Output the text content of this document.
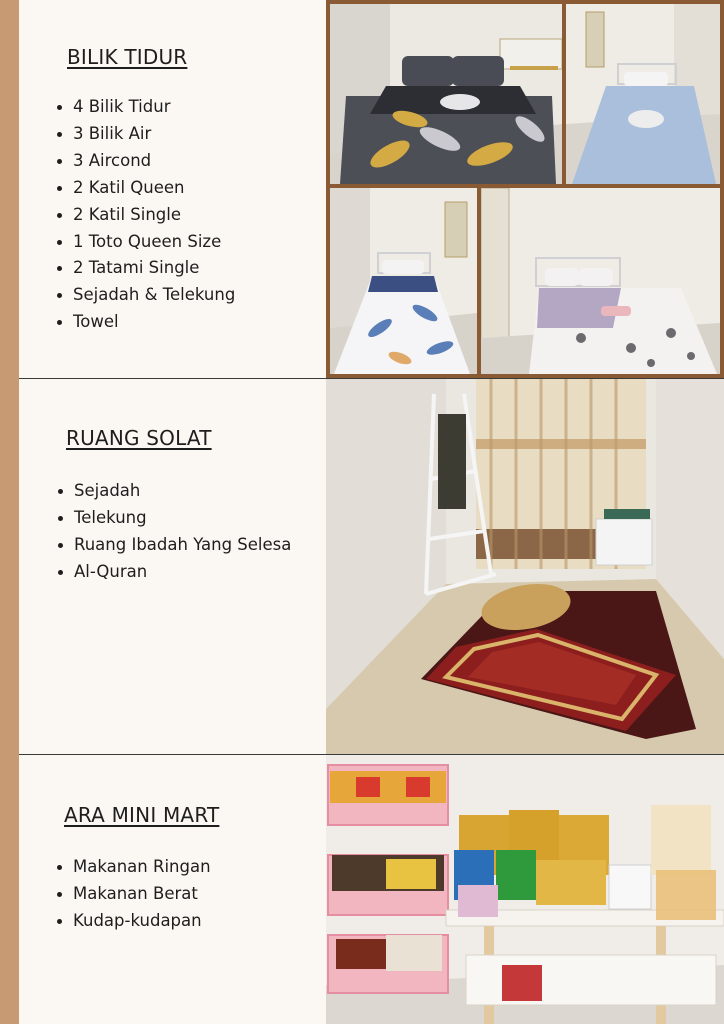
BILIK TIDUR
4 Bilik Tidur
3 Bilik Air
3 Aircond
2 Katil Queen
2 Katil Single
1 Toto Queen Size
2 Tatami Single
Sejadah & Telekung
Towel
RUANG SOLAT
Sejadah
Telekung
Ruang Ibadah Yang Selesa
Al-Quran
ARA MINI MART
Makanan Ringan
Makanan Berat
Kudap-kudapan
